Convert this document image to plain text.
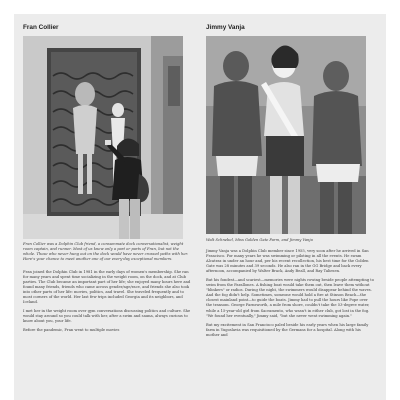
Fran Collier
Fran Collier was a Dolphin Club friend, a consummate dock conversationalist, weight room captain, and runner. Most of us knew only a part or parts of Fran, but not the whole. Those who never hung out on the dock would have never crossed paths with her. Here's your chance to meet another one of our every-day exceptional members.

Fran joined the Dolphin Club in 1981 in the early days of women's membership. She ran for many years and spent time socializing in the weight room, on the dock, and at Club parties. The Club became an important part of her life; she enjoyed many hours here and found many friends, friends who came across gender/age/race, and friends she also took into other parts of her life: movies, politics, and travel. She traveled frequently and to most corners of the world. Her last few trips included Georgia and its neighbors, and Iceland.

I met her in the weight room over gym conversations discussing politics and culture. She would stay around so you could talk with her, after a swim and sauna, always curious to know about you, your life.

Before the pandemic, Fran went to multiple movies

Jimmy Vanja
Walt Schnebel, Miss Golden Gate Farm, and Jimmy Vanja

Jimmy Vanja was a Dolphin Club member since 1955, very soon after he arrived in San Francisco. For many years he was swimming or piloting in all the events. He swam Alcatraz in under an hour and, per his recent recollection, his best time for the Golden Gate was 28 minutes and 39 seconds. He also ran in the GG Bridge and back every afternoon, accompanied by Walter Brack, Andy Beall, and Ray Taliesen.

But his fondest—and scariest—memories were nights rowing beside people attempting to swim from the Farallones. A fishing boat would take them out, then leave them without "blinkers" or radios. During the night, the swimmers would disappear behind the waves. And the fog didn't help. Sometimes, someone would hold a fire at Stinson Beach—the closest mainland point—to guide the boats. Jimmy had to pull the hours like Pope over the transom. George Farnsworth, a mile from shore, couldn't take the 53-degree water, while a 15-year-old girl from Sacramento, who wasn't in either club, got lost in the fog. "We found her eventually," Jimmy said, "but she never went swimming again."

But my excitement in San Francisco paled beside his early years when his large family farm in Yugoslavia was requisitioned by the Germans for a hospital. Along with his mother and
